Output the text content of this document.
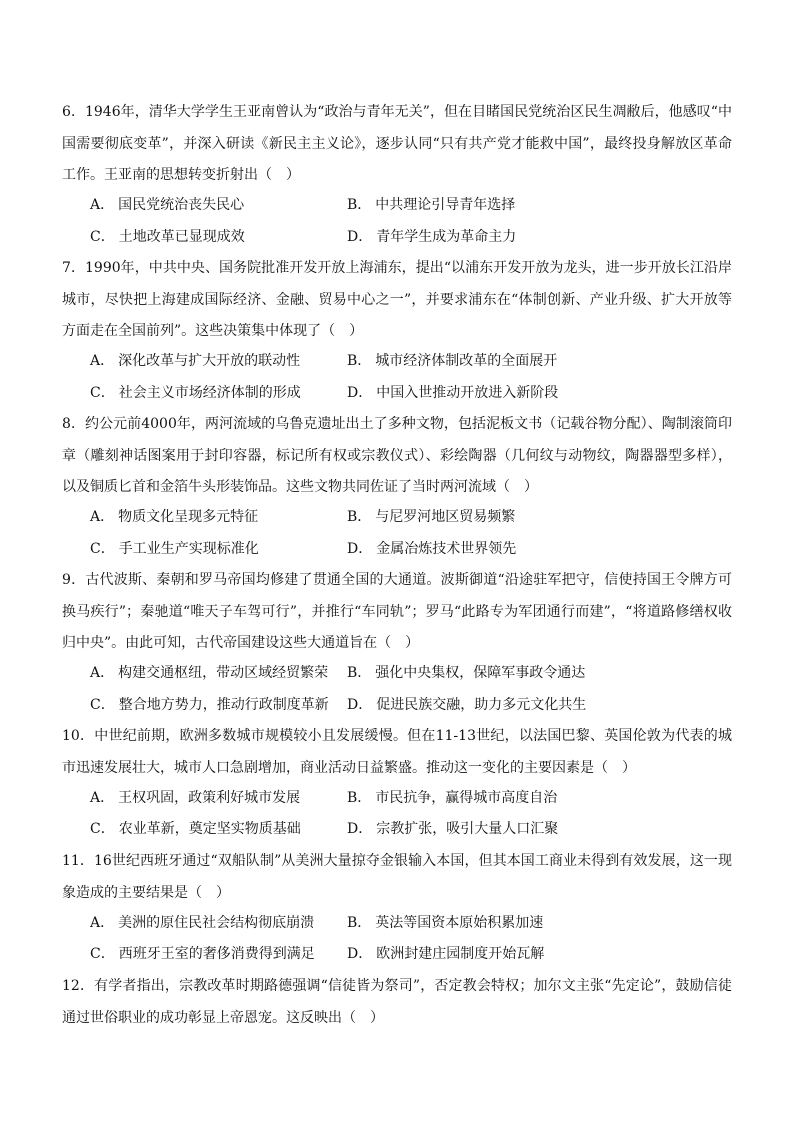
6．1946年，清华大学学生王亚南曾认为“政治与青年无关”，但在目睹国民党统治区民生凋敝后，他感叹“中国需要彻底变革”，并深入研读《新民主主义论》，逐步认同“只有共产党才能救中国”，最终投身解放区革命工作。王亚南的思想转变折射出（　）
A． 国民党统治丧失民心	B． 中共理论引导青年选择
C． 土地改革已显现成效	D． 青年学生成为革命主力
7．1990年，中共中央、国务院批准开发开放上海浦东，提出“以浦东开发开放为龙头，进一步开放长江沿岸城市，尽快把上海建成国际经济、金融、贸易中心之一”，并要求浦东在“体制创新、产业升级、扩大开放等方面走在全国前列”。这些决策集中体现了（　）
A． 深化改革与扩大开放的联动性	B． 城市经济体制改革的全面展开
C． 社会主义市场经济体制的形成	D． 中国入世推动开放进入新阶段
8．约公元前4000年，两河流域的乌鲁克遗址出土了多种文物，包括泥板文书（记载谷物分配）、陶制滚筒印章（雕刻神话图案用于封印容器，标记所有权或宗教仪式）、彩绘陶器（几何纹与动物纹，陶器器型多样），以及铜质匕首和金箔牛头形装饰品。这些文物共同佐证了当时两河流域（　）
A． 物质文化呈现多元特征	B． 与尼罗河地区贸易频繁
C． 手工业生产实现标准化	D． 金属冶炼技术世界领先
9．古代波斯、秦朝和罗马帝国均修建了贯通全国的大通道。波斯御道“沿途驻军把守，信使持国王令牌方可换马疾行”；秦驰道“唯天子车驾可行”，并推行“车同轨”；罗马“此路专为军团通行而建”，“将道路修缮权收归中央”。由此可知，古代帝国建设这些大通道旨在（　）
A． 构建交通枢纽，带动区域经贸繁荣 B． 强化中央集权，保障军事政令通达
C． 整合地方势力，推动行政制度革新 D． 促进民族交融，助力多元文化共生
10．中世纪前期，欧洲多数城市规模较小且发展缓慢。但在11-13世纪，以法国巴黎、英国伦敦为代表的城市迅速发展壮大，城市人口急剧增加，商业活动日益繁盛。推动这一变化的主要因素是（　）
A． 王权巩固，政策利好城市发展	B． 市民抗争，赢得城市高度自治
C． 农业革新，奠定坚实物质基础	D． 宗教扩张，吸引大量人口汇聚
11．16世纪西班牙通过“双船队制”从美洲大量掠夺金银输入本国，但其本国工商业未得到有效发展，这一现象造成的主要结果是（　）
A． 美洲的原住民社会结构彻底崩溃 B． 英法等国资本原始积累加速
C． 西班牙王室的奢侈消费得到满足 D． 欧洲封建庄园制度开始瓦解
12．有学者指出，宗教改革时期路德强调“信徒皆为祭司”，否定教会特权；加尔文主张“先定论”，鼓励信徒通过世俗职业的成功彰显上帝恩宠。这反映出（　）
